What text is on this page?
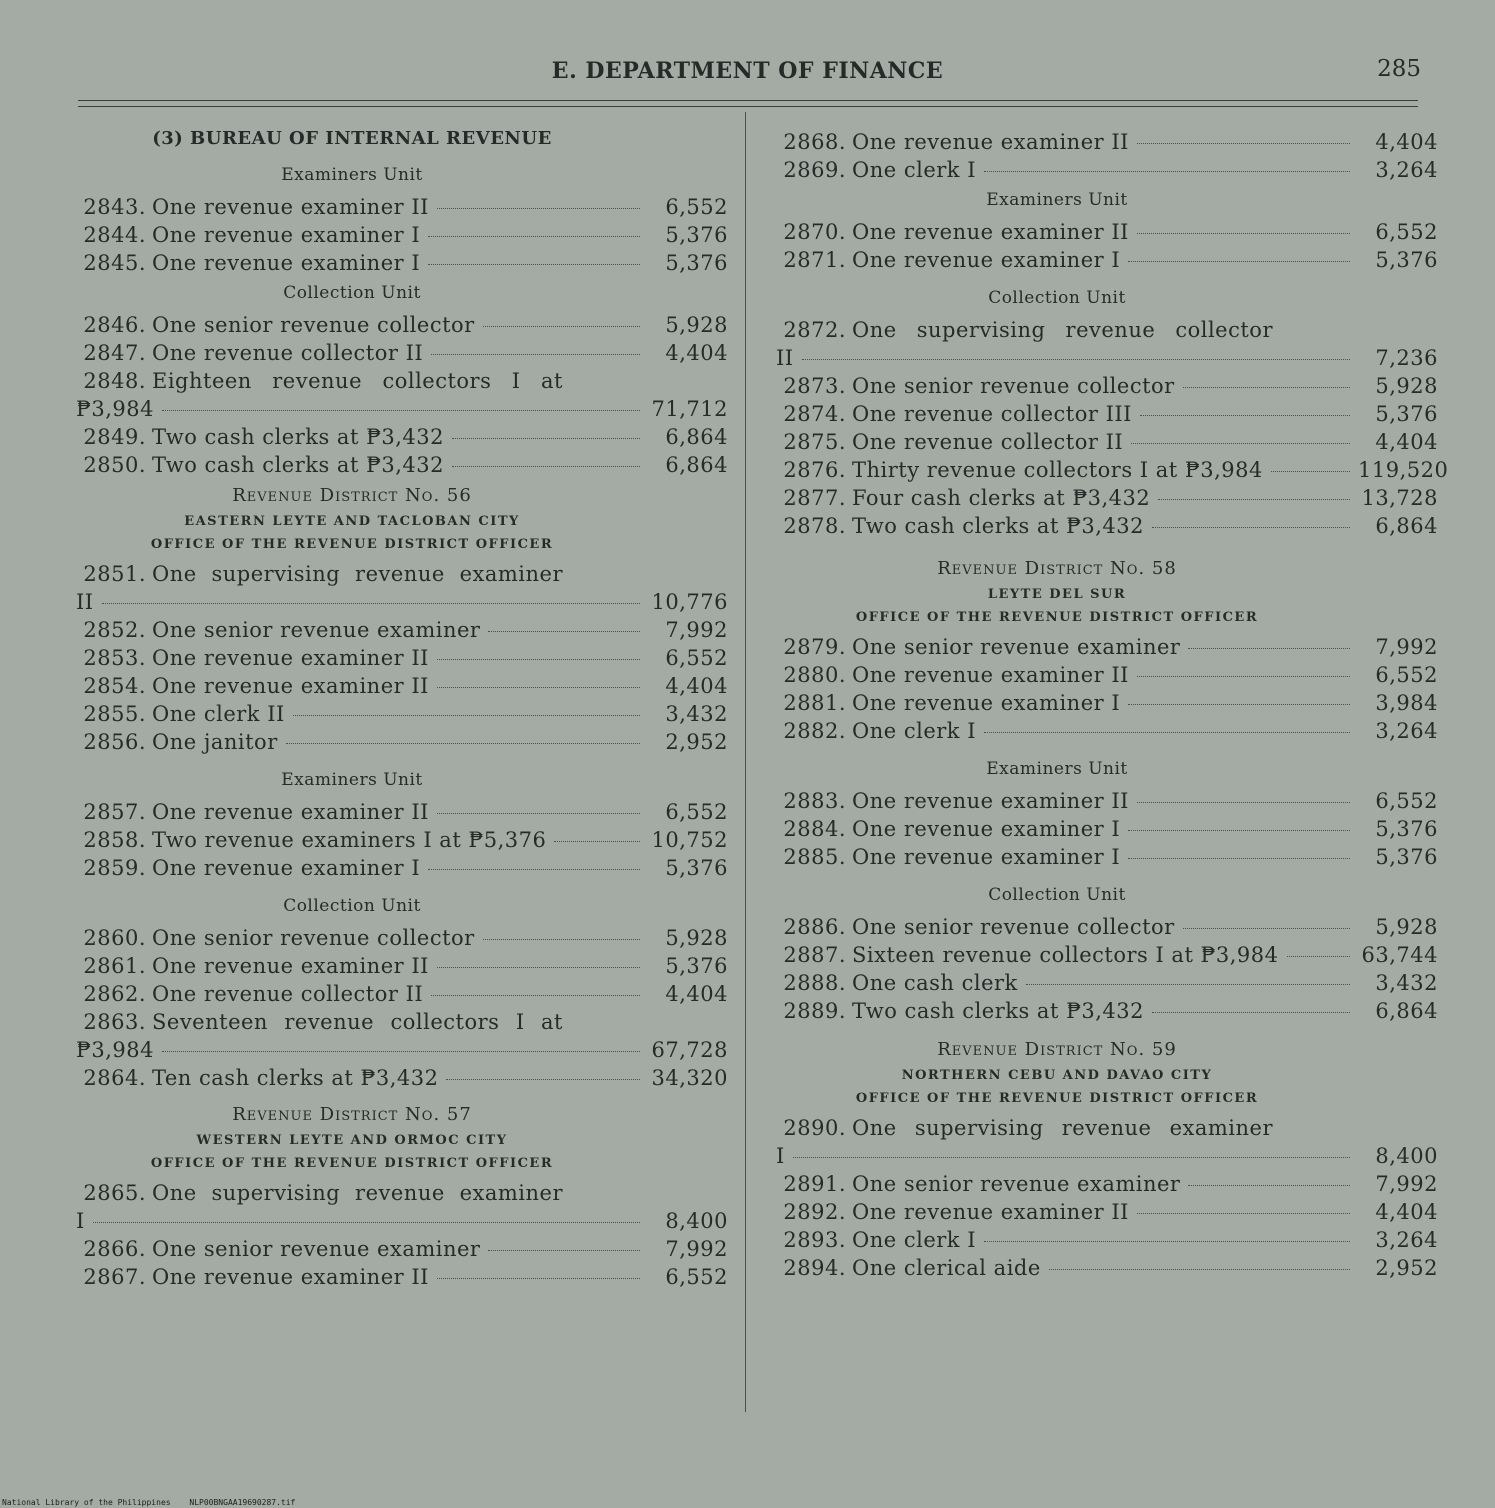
E. DEPARTMENT OF FINANCE	285
(3) BUREAU OF INTERNAL REVENUE
Examiners Unit
2843. One revenue examiner II	6,552
2844. One revenue examiner I	5,376
2845. One revenue examiner I	5,376
Collection Unit
2846. One senior revenue collector	5,928
2847. One revenue collector II	4,404
2848. Eighteen revenue collectors I at
₱3,984	71,712
2849. Two cash clerks at ₱3,432	6,864
2850. Two cash clerks at ₱3,432	6,864
Revenue District No. 56
EASTERN LEYTE AND TACLOBAN CITY
OFFICE OF THE REVENUE DISTRICT OFFICER
2851. One supervising revenue examiner
II	10,776
2852. One senior revenue examiner	7,992
2853. One revenue examiner II	6,552
2854. One revenue examiner II	4,404
2855. One clerk II	3,432
2856. One janitor	2,952
Examiners Unit
2857. One revenue examiner II	6,552
2858. Two revenue examiners I at ₱5,376	10,752
2859. One revenue examiner I	5,376
Collection Unit
2860. One senior revenue collector	5,928
2861. One revenue examiner II	5,376
2862. One revenue collector II	4,404
2863. Seventeen revenue collectors I at
₱3,984	67,728
2864. Ten cash clerks at ₱3,432	34,320
Revenue District No. 57
WESTERN LEYTE AND ORMOC CITY
OFFICE OF THE REVENUE DISTRICT OFFICER
2865. One supervising revenue examiner
I	8,400
2866. One senior revenue examiner	7,992
2867. One revenue examiner II	6,552
2868. One revenue examiner II	4,404
2869. One clerk I	3,264
Examiners Unit
2870. One revenue examiner II	6,552
2871. One revenue examiner I	5,376
Collection Unit
2872. One supervising revenue collector
II	7,236
2873. One senior revenue collector	5,928
2874. One revenue collector III	5,376
2875. One revenue collector II	4,404
2876. Thirty revenue collectors I at ₱3,984	119,520
2877. Four cash clerks at ₱3,432	13,728
2878. Two cash clerks at ₱3,432	6,864
Revenue District No. 58
LEYTE DEL SUR
OFFICE OF THE REVENUE DISTRICT OFFICER
2879. One senior revenue examiner	7,992
2880. One revenue examiner II	6,552
2881. One revenue examiner I	3,984
2882. One clerk I	3,264
Examiners Unit
2883. One revenue examiner II	6,552
2884. One revenue examiner I	5,376
2885. One revenue examiner I	5,376
Collection Unit
2886. One senior revenue collector	5,928
2887. Sixteen revenue collectors I at ₱3,984	63,744
2888. One cash clerk	3,432
2889. Two cash clerks at ₱3,432	6,864
Revenue District No. 59
NORTHERN CEBU AND DAVAO CITY
OFFICE OF THE REVENUE DISTRICT OFFICER
2890. One supervising revenue examiner
I	8,400
2891. One senior revenue examiner	7,992
2892. One revenue examiner II	4,404
2893. One clerk I	3,264
2894. One clerical aide	2,952
National Library of the Philippines NLP00BNGAA19690287.tif
